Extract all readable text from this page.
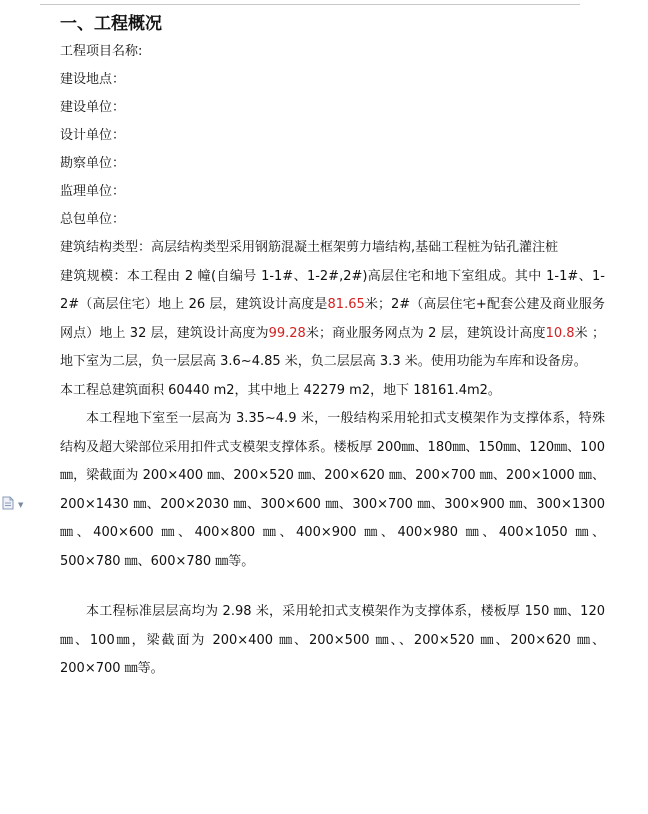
▼
一、工程概况
工程项目名称:
建设地点：
建设单位：
设计单位：
勘察单位：
监理单位：
总包单位：
建筑结构类型：高层结构类型采用钢筋混凝土框架剪力墙结构,基础工程桩为钻孔灌注桩
建筑规模：本工程由 2 幢(自编号 1-1#、1-2#,2#)高层住宅和地下室组成。其中 1-1#、1-2#（高层住宅）地上 26 层，建筑设计高度是81.65米；2#（高层住宅+配套公建及商业服务网点）地上 32 层，建筑设计高度为99.28米；商业服务网点为 2 层，建筑设计高度10.8米 ；地下室为二层，负一层层高 3.6~4.85 米，负二层层高 3.3 米。使用功能为车库和设备房。
本工程总建筑面积 60440 m2，其中地上 42279 m2，地下 18161.4m2。
本工程地下室至一层高为 3.35~4.9 米，一般结构采用轮扣式支模架作为支撑体系，特殊结构及超大梁部位采用扣件式支模架支撑体系。楼板厚 200㎜、180㎜、150㎜、120㎜、100㎜，梁截面为 200×400 ㎜、200×520 ㎜、200×620 ㎜、200×700 ㎜、200×1000 ㎜、200×1430 ㎜、200×2030 ㎜、300×600 ㎜、300×700 ㎜、300×900 ㎜、300×1300 ㎜、400×600 ㎜、400×800 ㎜、400×900 ㎜、400×980 ㎜、400×1050 ㎜、500×780 ㎜、600×780 ㎜等。
本工程标准层层高均为 2.98 米，采用轮扣式支模架作为支撑体系，楼板厚 150 ㎜、120㎜、100㎜，梁截面为 200×400 ㎜、200×500 ㎜、、200×520 ㎜、200×620 ㎜、200×700 ㎜等。
